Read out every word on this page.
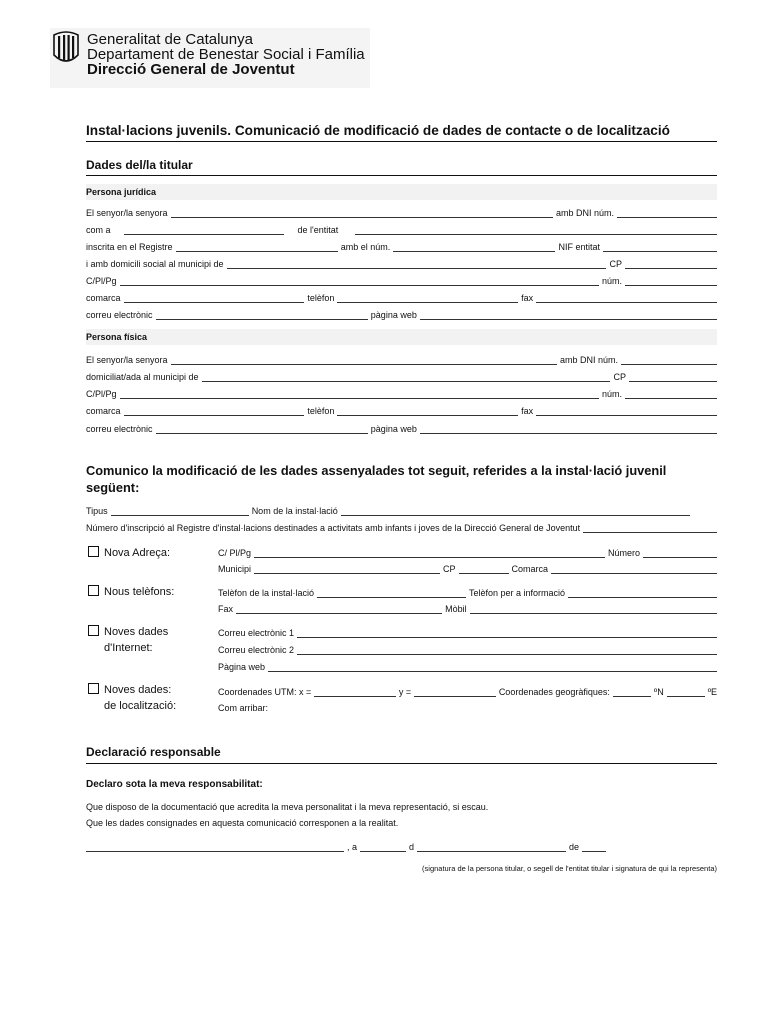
Generalitat de Catalunya
Departament de Benestar Social i Família
Direcció General de Joventut
Instal·lacions juvenils. Comunicació de modificació de dades de contacte o de localització
Dades del/la titular
Persona jurídica
El senyor/la senyora	amb DNI núm.
com a	de l'entitat
inscrita en el Registre	amb el núm.	NIF entitat
i amb domicili social al municipi de	CP
C/Pl/Pg	núm.
comarca	telèfon	fax
correu electrònic	pàgina web
Persona física
El senyor/la senyora	amb DNI núm.
domiciliat/ada al municipi de	CP
C/Pl/Pg	núm.
comarca	telèfon	fax
correu electrònic	pàgina web
Comunico la modificació de les dades assenyalades tot seguit, referides a la instal·lació juvenil següent:
Tipus	Nom de la instal·lació
Número d'inscripció al Registre d'instal·lacions destinades a activitats amb infants i joves de la Direcció General de Joventut
Nova Adreça:	C/ Pl/Pg	Número
Municipi	CP	Comarca
Nous telèfons:	Telèfon de la instal·lació	Telèfon per a informació
Fax	Mòbil
Noves dades
d'Internet:
Correu electrònic 1
Correu electrònic 2
Pàgina web
Noves dades:
de localització:
Coordenades UTM: x =	y =	Coordenades geogràfiques:	ºN	ºE
Com arribar:
Declaració responsable
Declaro sota la meva responsabilitat:
Que disposo de la documentació que acredita la meva personalitat i la meva representació, si escau.
Que les dades consignades en aquesta comunicació corresponen a la realitat.
, a	d	de
(signatura de la persona titular, o segell de l'entitat titular i signatura de qui la representa)
